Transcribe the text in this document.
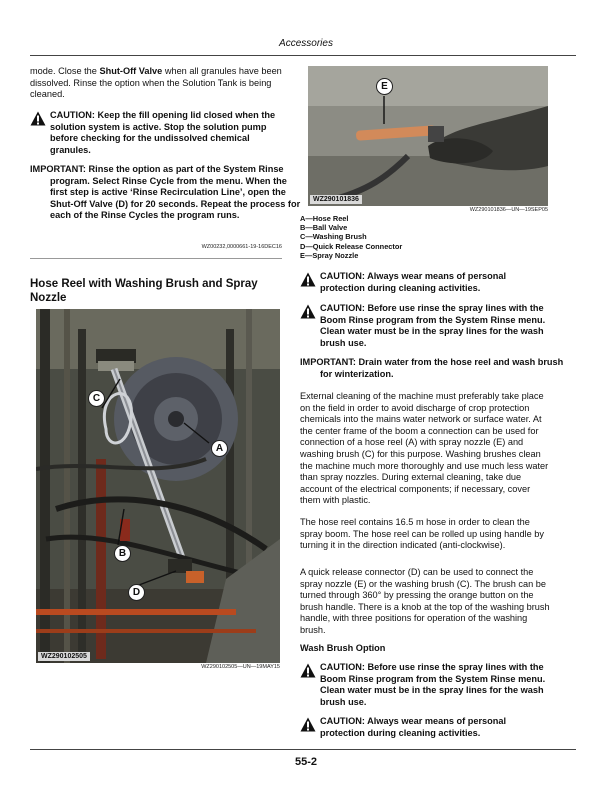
Accessories
mode. Close the Shut-Off Valve when all granules have been dissolved. Rinse the option when the Solution Tank is being cleaned.
CAUTION: Keep the fill opening lid closed when the solution system is active. Stop the solution pump before checking for the undissolved chemical granules.
IMPORTANT: Rinse the option as part of the System Rinse program. Select Rinse Cycle from the menu. When the first step is active ‘Rinse Recirculation Line’, open the Shut-Off Valve (D) for 20 seconds. Repeat the process for each of the Rinse Cycles the program runs.
WZ00232,0000661-19-16DEC16
Hose Reel with Washing Brush and Spray Nozzle
C
A
B
D
WZ290102505
WZ290102505—UN—19MAY15
E
WZ290101836
WZ290101836—UN—19SEP05
A—Hose Reel
B—Ball Valve
C—Washing Brush
D—Quick Release Connector
E—Spray Nozzle
CAUTION: Always wear means of personal protection during cleaning activities.
CAUTION: Before use rinse the spray lines with the Boom Rinse program from the System Rinse menu. Clean water must be in the spray lines for the wash brush use.
IMPORTANT: Drain water from the hose reel and wash brush for winterization.

External cleaning of the machine must preferably take place on the field in order to avoid discharge of crop protection chemicals into the mains water network or surface water. At the center frame of the boom a connection can be used for connection of a hose reel (A) with spray nozzle (E) and washing brush (C) for this purpose. Washing brushes clean the machine much more thoroughly and use much less water than spray nozzles. During external cleaning, take due account of the electrical components; if necessary, cover them with plastic.

The hose reel contains 16.5 m hose in order to clean the spray boom. The hose reel can be rolled up using handle by turning it in the direction indicated (anti-clockwise).

A quick release connector (D) can be used to connect the spray nozzle (E) or the washing brush (C). The brush can be turned through 360° by pressing the orange button on the brush handle. There is a knob at the top of the washing brush handle, with three positions for operation of the washing brush.

Wash Brush Option
CAUTION: Before use rinse the spray lines with the Boom Rinse program from the System Rinse menu. Clean water must be in the spray lines for the wash brush use.
CAUTION: Always wear means of personal protection during cleaning activities.
55-2
